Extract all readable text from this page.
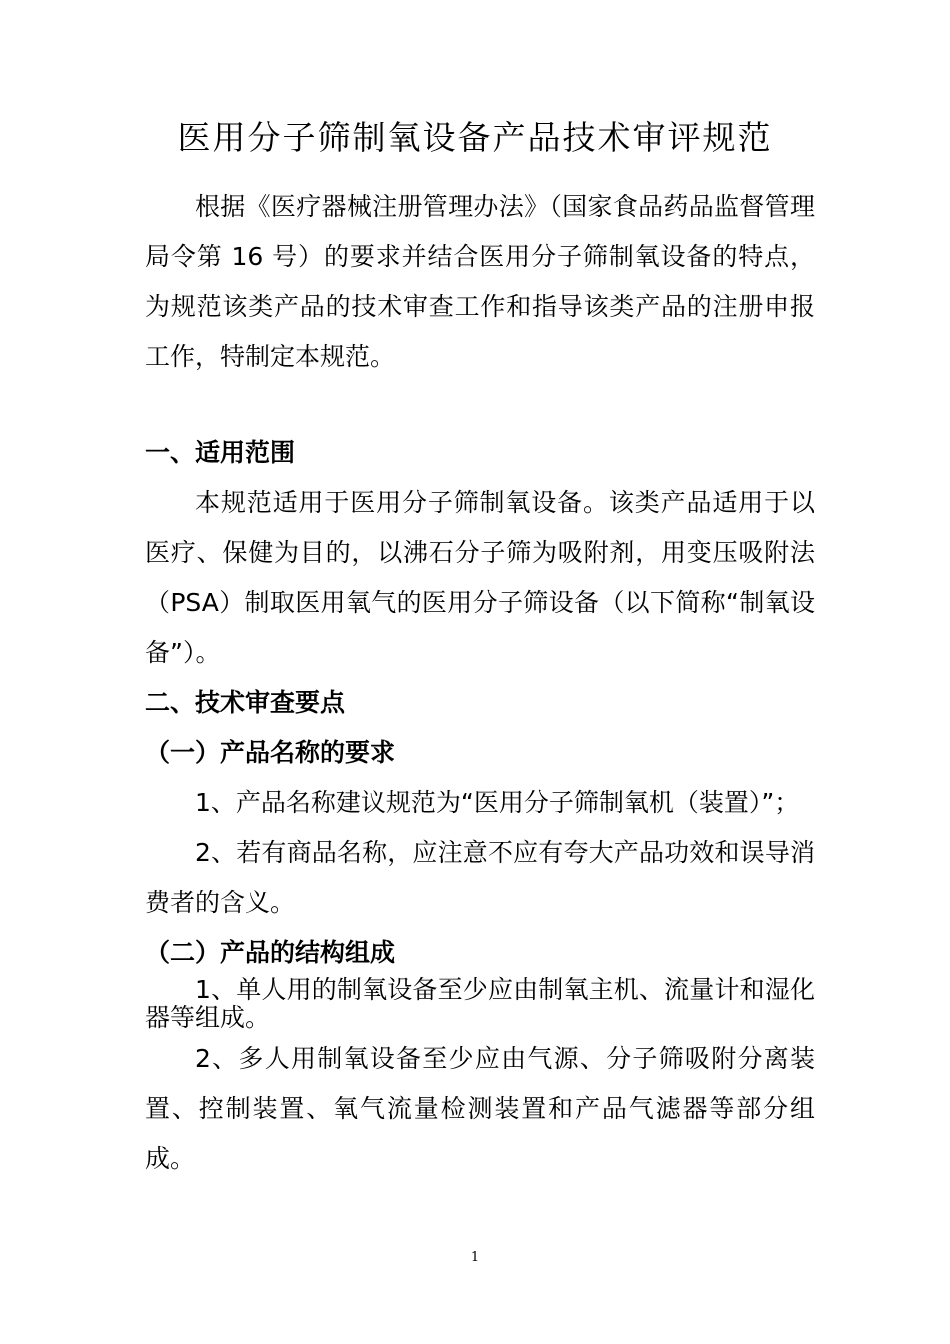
医用分子筛制氧设备产品技术审评规范

根据《医疗器械注册管理办法》（国家食品药品监督管理局令第 16 号）的要求并结合医用分子筛制氧设备的特点，为规范该类产品的技术审查工作和指导该类产品的注册申报工作，特制定本规范。

一、适用范围

本规范适用于医用分子筛制氧设备。该类产品适用于以医疗、保健为目的，以沸石分子筛为吸附剂，用变压吸附法（PSA）制取医用氧气的医用分子筛设备（以下简称“制氧设备”）。

二、技术审查要点

（一）产品名称的要求

1、产品名称建议规范为“医用分子筛制氧机（装置）”；

2、若有商品名称，应注意不应有夸大产品功效和误导消费者的含义。

（二）产品的结构组成

1、单人用的制氧设备至少应由制氧主机、流量计和湿化器等组成。

2、多人用制氧设备至少应由气源、分子筛吸附分离装置、控制装置、氧气流量检测装置和产品气滤器等部分组成。

1
